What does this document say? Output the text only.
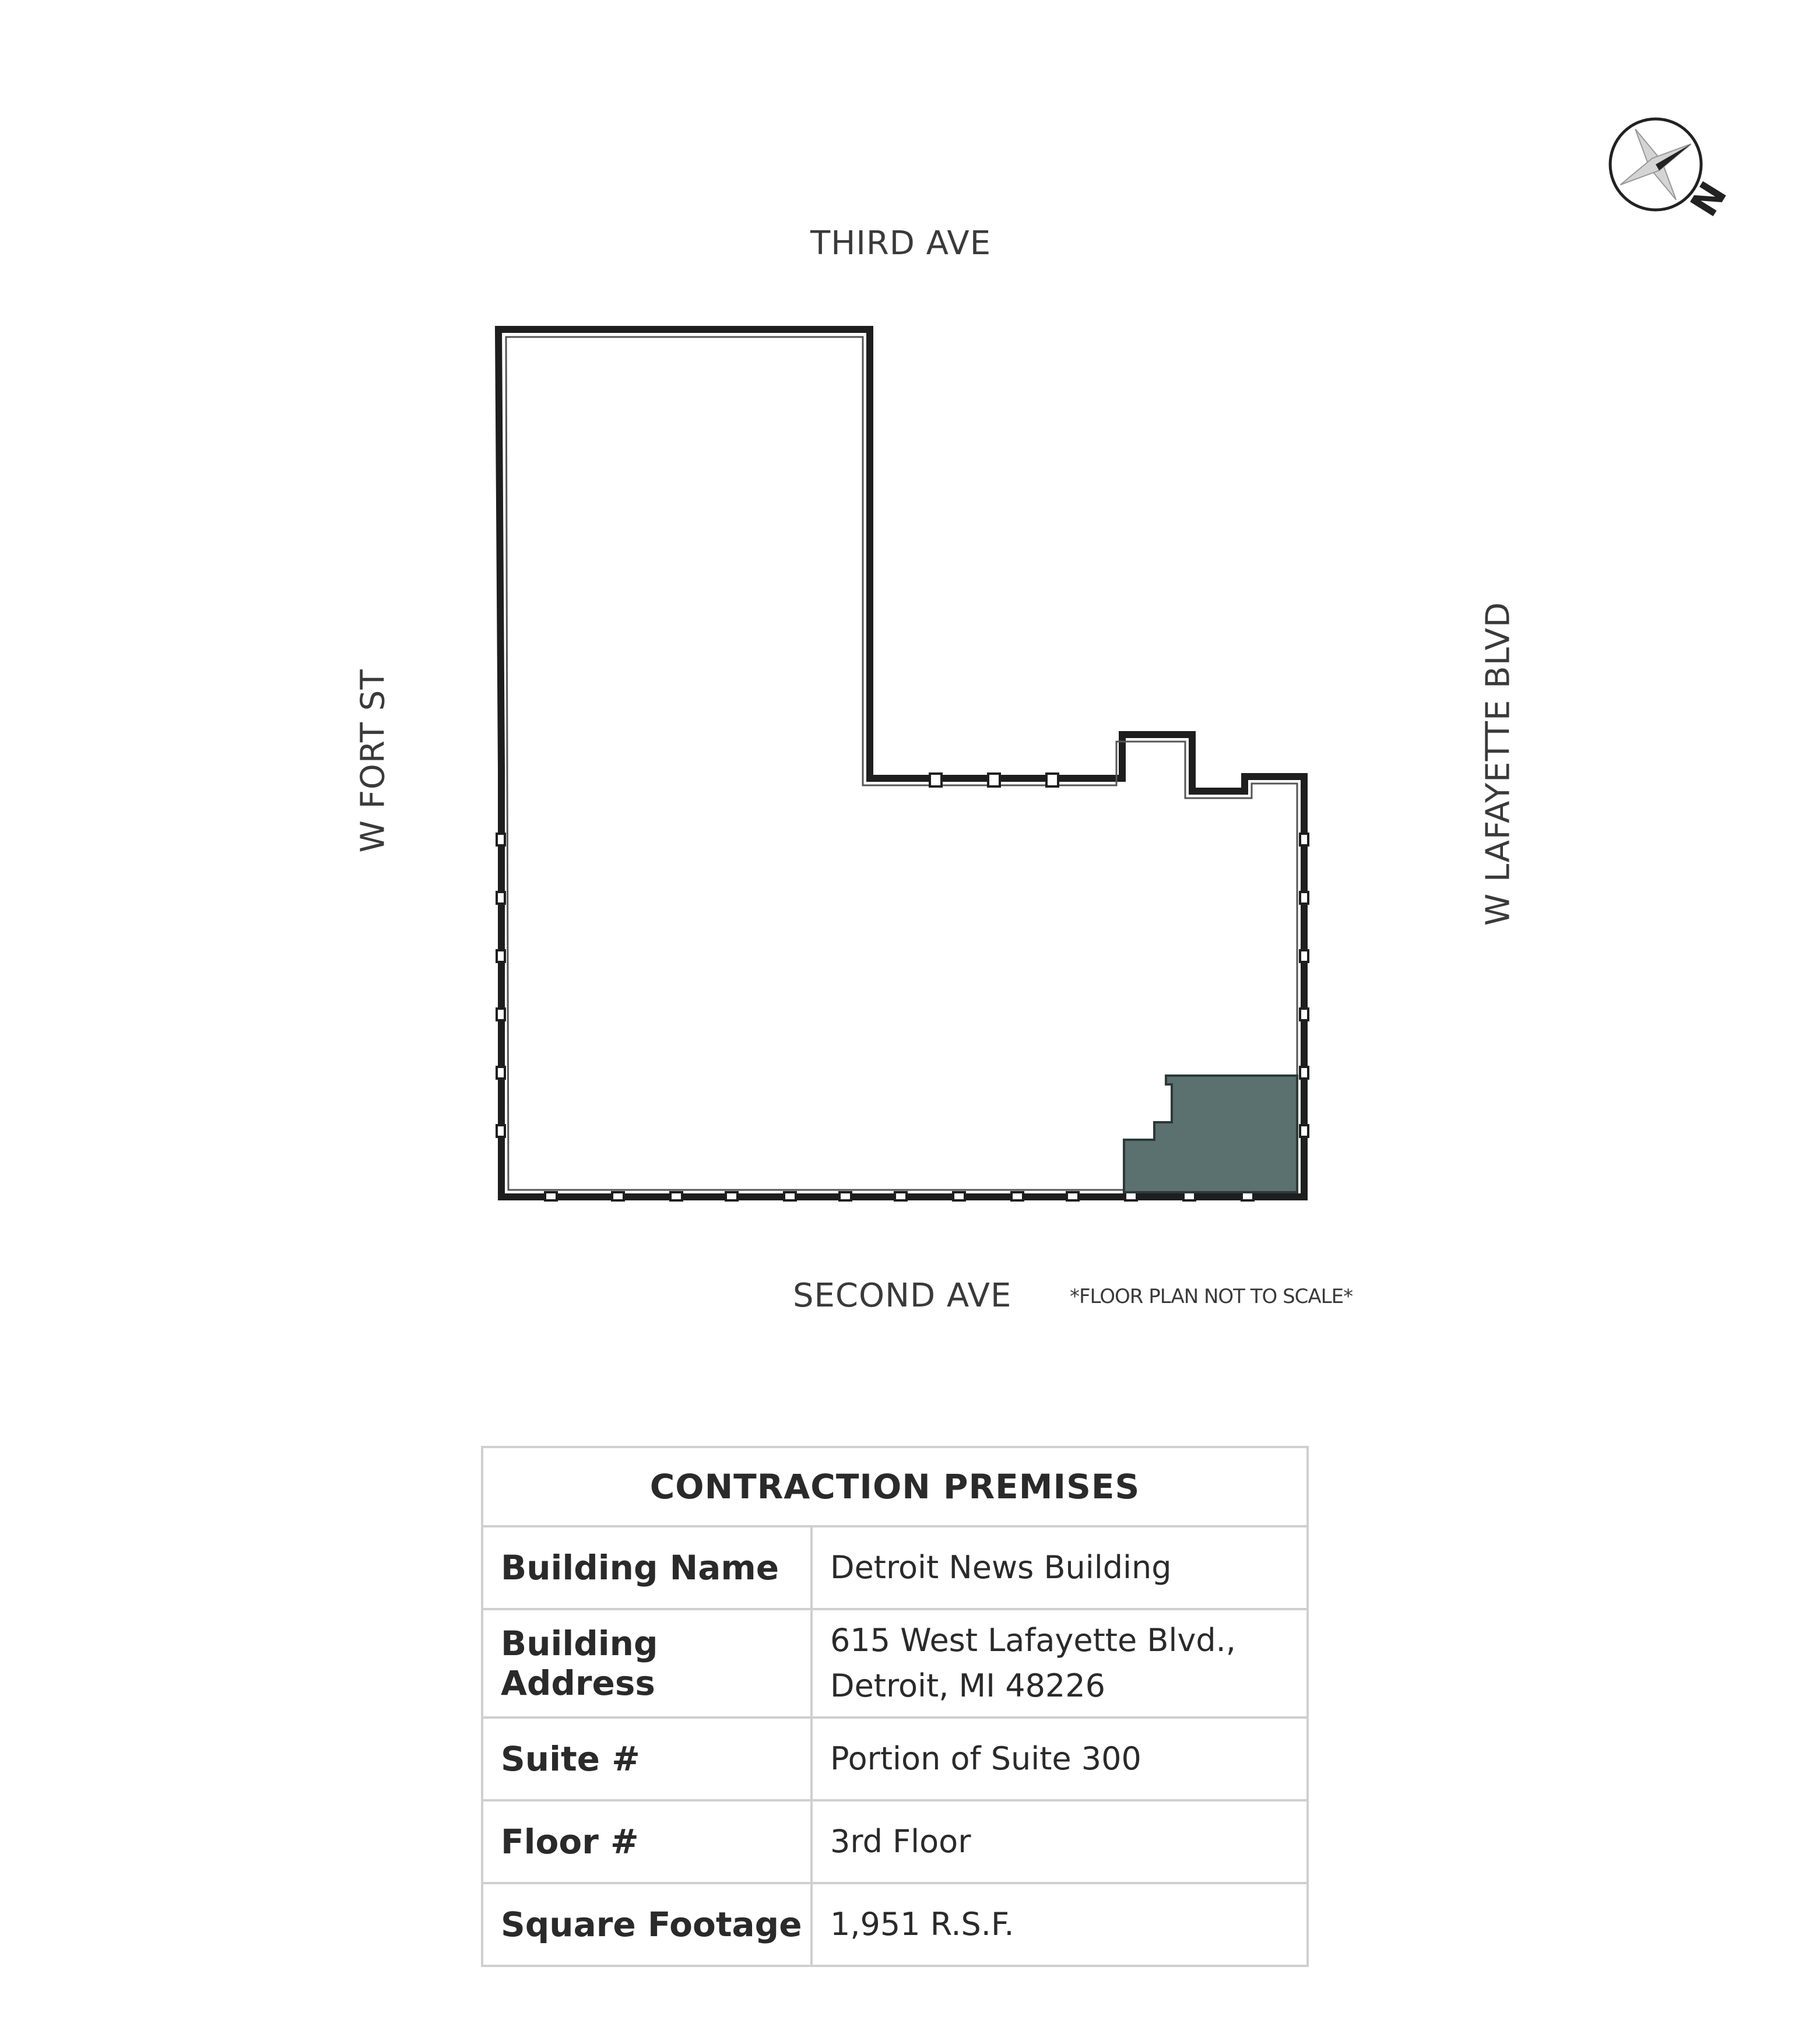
THIRD AVE
SECOND AVE
W FORT ST	W LAFAYETTE BLVD
*FLOOR PLAN NOT TO SCALE*
N
CONTRACTION PREMISES	
Building Name	Detroit News Building
Building Address	615 West Lafayette Blvd.,
Detroit, MI 48226

Suite #	Portion of Suite 300
Floor #	3rd Floor
Square Footage	1,951 R.S.F.
